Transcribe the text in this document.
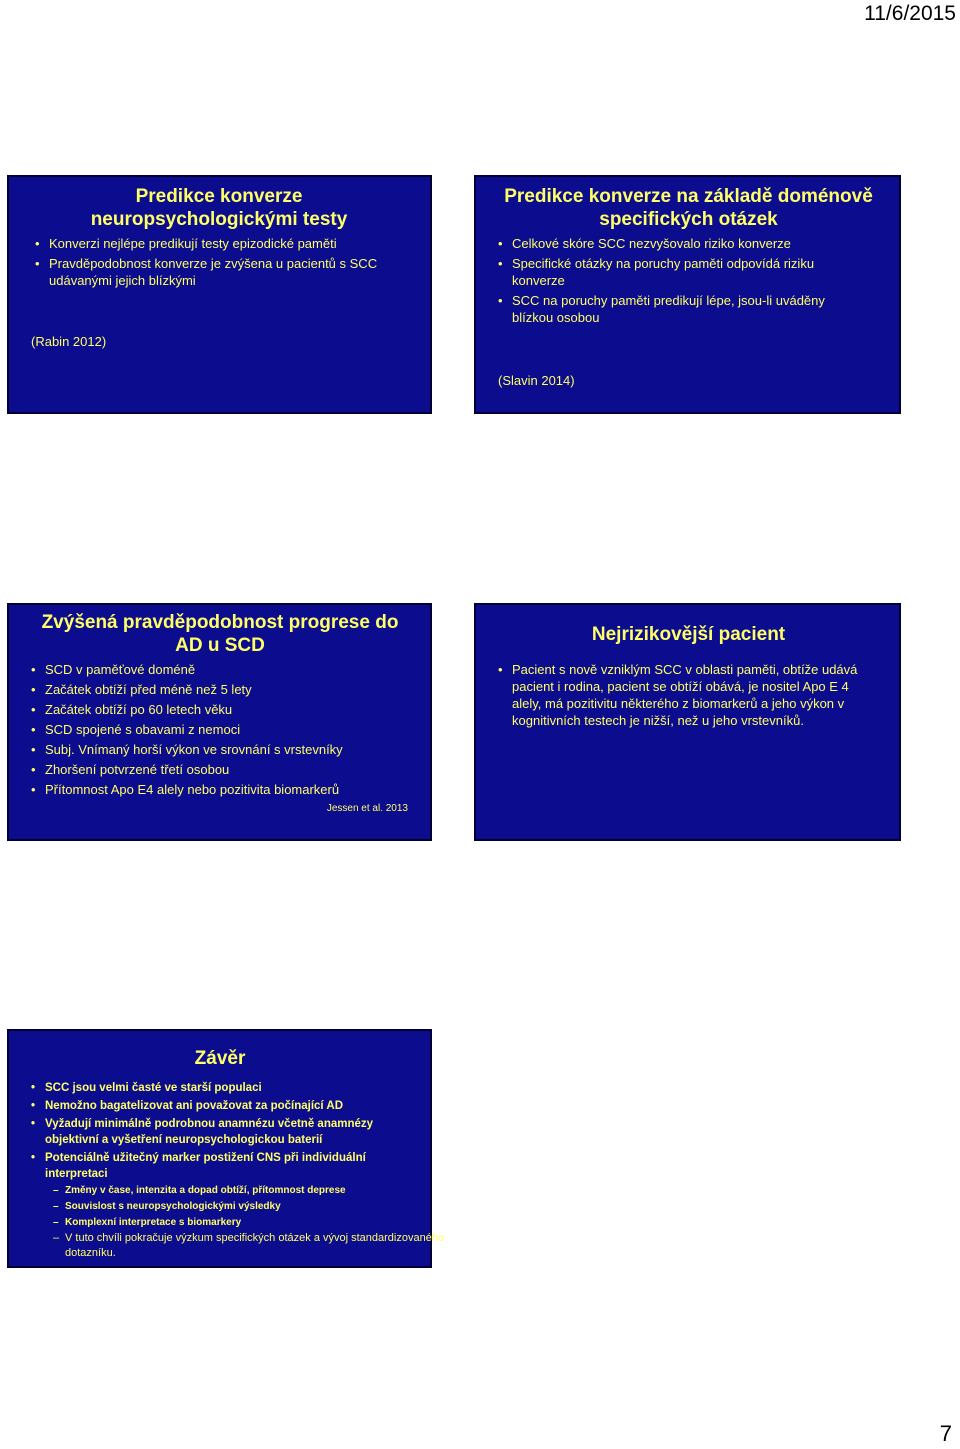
11/6/2015
Predikce konverze neuropsychologickými testy
• Konverzi nejlépe predikují testy epizodické paměti
• Pravděpodobnost konverze je zvýšena u pacientů s SCC udávanými jejich blízkými
(Rabin 2012)
Predikce konverze na základě doménově specifických otázek
• Celkové skóre SCC nezvyšovalo riziko konverze
• Specifické otázky na poruchy paměti odpovídá riziku konverze
• SCC na poruchy paměti predikují lépe, jsou-li uváděny blízkou osobou
(Slavin 2014)
Zvýšená pravděpodobnost progrese do AD u SCD
• SCD v paměťové doméně
• Začátek obtíží před méně než 5 lety
• Začátek obtíží po 60 letech věku
• SCD spojené s obavami z nemoci
• Subj. Vnímaný horší výkon ve srovnání s vrstevníky
• Zhoršení potvrzené třetí osobou
• Přítomnost Apo E4 alely nebo pozitivita biomarkerů
Jessen et al. 2013
Nejrizikovější pacient
• Pacient s nově vzniklým SCC v oblasti paměti, obtíže udává pacient i rodina, pacient se obtíží obává, je nositel Apo E 4 alely, má pozitivitu některého z biomarkerů a jeho výkon v kognitivních testech je nižší, než u jeho vrstevníků.
Závěr
• SCC jsou velmi časté ve starší populaci
• Nemožno bagatelizovat ani považovat za počínající AD
• Vyžadují minimálně podrobnou anamnézu včetně anamnézy objektivní a vyšetření neuropsychologickou baterií
• Potenciálně užitečný marker postižení CNS při individuální interpretaci
– Změny v čase, intenzita a dopad obtíží, přítomnost deprese
– Souvislost s neuropsychologickými výsledky
– Komplexní interpretace s biomarkery
– V tuto chvíli pokračuje výzkum specifických otázek a vývoj standardizovaného dotazníku.
7
